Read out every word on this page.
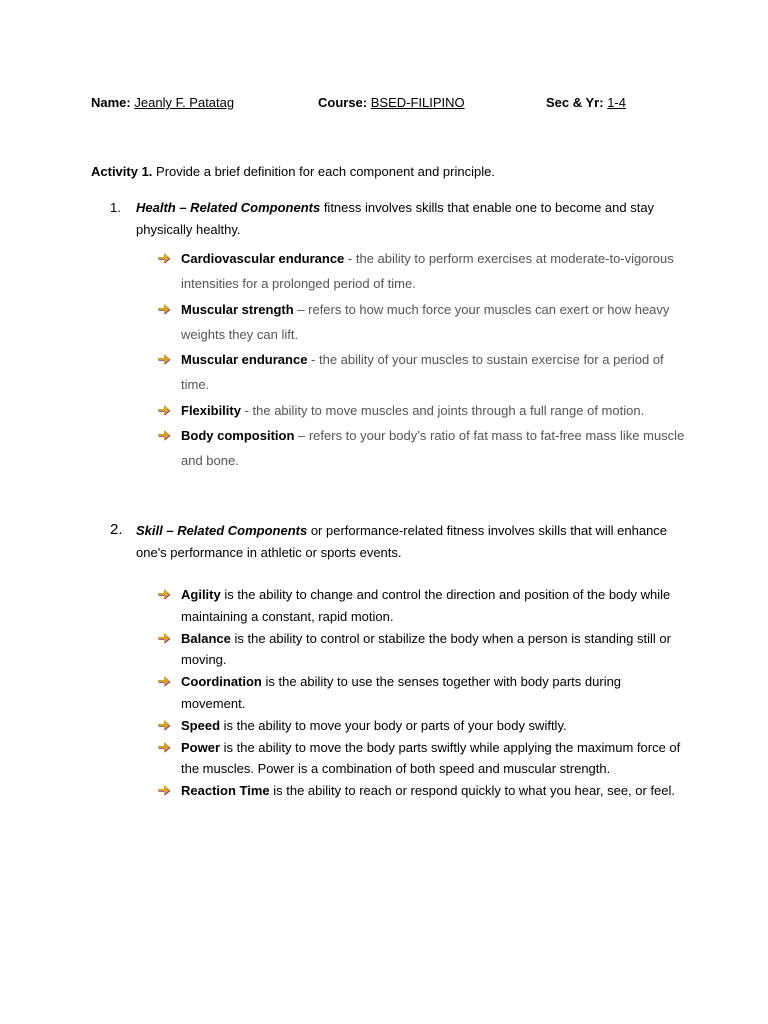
Name: Jeanly F. Patatag	Course: BSED-FILIPINO	Sec & Yr: 1-4
Activity 1. Provide a brief definition for each component and principle.
1. Health – Related Components fitness involves skills that enable one to become and stay physically healthy.
Cardiovascular endurance - the ability to perform exercises at moderate-to-vigorous intensities for a prolonged period of time.
Muscular strength – refers to how much force your muscles can exert or how heavy weights they can lift.
Muscular endurance - the ability of your muscles to sustain exercise for a period of time.
Flexibility - the ability to move muscles and joints through a full range of motion.
Body composition – refers to your body’s ratio of fat mass to fat-free mass like muscle and bone.
2. Skill – Related Components or performance-related fitness involves skills that will enhance one's performance in athletic or sports events.
Agility is the ability to change and control the direction and position of the body while maintaining a constant, rapid motion.
Balance is the ability to control or stabilize the body when a person is standing still or moving.
Coordination is the ability to use the senses together with body parts during movement.
Speed is the ability to move your body or parts of your body swiftly.
Power is the ability to move the body parts swiftly while applying the maximum force of the muscles. Power is a combination of both speed and muscular strength.
Reaction Time is the ability to reach or respond quickly to what you hear, see, or feel.
